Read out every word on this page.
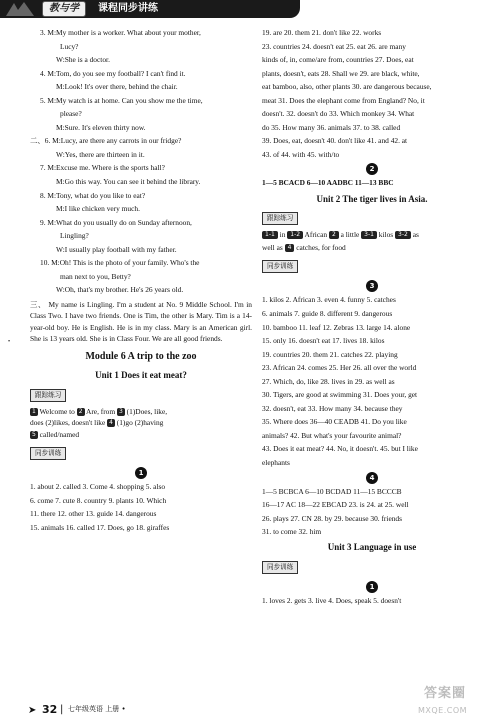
教与学	课程同步讲练
•
3. M:My mother is a worker. What about your mother,
Lucy?
W:She is a doctor.
4. M:Tom, do you see my football? I can't find it.
M:Look! It's over there, behind the chair.
5. M:My watch is at home. Can you show me the time,
please?
M:Sure. It's eleven thirty now.
二、6. M:Lucy, are there any carrots in our fridge?
W:Yes, there are thirteen in it.
7. M:Excuse me. Where is the sports hall?
M:Go this way. You can see it behind the library.
8. M:Tony, what do you like to eat?
M:I like chicken very much.
9. M:What do you usually do on Sunday afternoon,
Lingling?
W:I usually play football with my father.
10. M:Oh! This is the photo of your family. Who's the
man next to you, Betty?
W:Oh, that's my brother. He's 26 years old.
三、 My name is Lingling. I'm a student at No. 9 Middle School. I'm in Class Two. I have two friends. One is Tim, the other is Mary. Tim is a 14-year-old boy. He is English. He is in my class. Mary is an American girl. She is 13 years old. She is in Class Four. We are all good friends.
Module 6 A trip to the zoo
Unit 1 Does it eat meat?
跟踪练习
1 Welcome to 2 Are, from 3 (1)Does, like,
does (2)likes, doesn't like 4 (1)go (2)having
5 called/named
同步训练
1
1. about 2. called 3. Come 4. shopping 5. also
6. come 7. cute 8. country 9. plants 10. Which
11. there 12. other 13. guide 14. dangerous
15. animals 16. called 17. Does, go 18. giraffes
19. are 20. them 21. don't like 22. works
23. countries 24. doesn't eat 25. eat 26. are many
kinds of, in, come/are from, countries 27. Does, eat
plants, doesn't, eats 28. Shall we 29. are black, white,
eat bamboo, also, other plants 30. are dangerous because,
meat 31. Does the elephant come from England? No, it
doesn't. 32. doesn't do 33. Which monkey 34. What
do 35. How many 36. animals 37. to 38. called
39. Does, eat, doesn't 40. don't like 41. and 42. at
43. of 44. with 45. with/to
2
1—5 BCACD 6—10 AADBC 11—13 BBC
Unit 2 The tiger lives in Asia.
跟踪练习
1-1 in 1-2 African 2 a little 3-1 kilos 3-2 as
well as 4 catches, for food
同步训练
3
1. kilos 2. African 3. even 4. funny 5. catches
6. animals 7. guide 8. different 9. dangerous
10. bamboo 11. leaf 12. Zebras 13. large 14. alone
15. only 16. doesn't eat 17. lives 18. kilos
19. countries 20. them 21. catches 22. playing
23. African 24. comes 25. Her 26. all over the world
27. Which, do, like 28. lives in 29. as well as
30. Tigers, are good at swimming 31. Does your, get
32. doesn't, eat 33. How many 34. because they
35. Where does 36—40 CEADB 41. Do you like
animals? 42. But what's your favourite animal?
43. Does it eat meat? 44. No, it doesn't. 45. but I like
elephants
4
1—5 BCBCA 6—10 BCDAD 11—15 BCCCB
16—17 AC 18—22 EBCAD 23. is 24. at 25. well
26. plays 27. CN 28. by 29. because 30. friends
31. to come 32. him
Unit 3 Language in use
同步训练
1
1. loves 2. gets 3. live 4. Does, speak 5. doesn't
➤ 32 | 七年级英语 上册 •
答案圈
MXQE.COM
